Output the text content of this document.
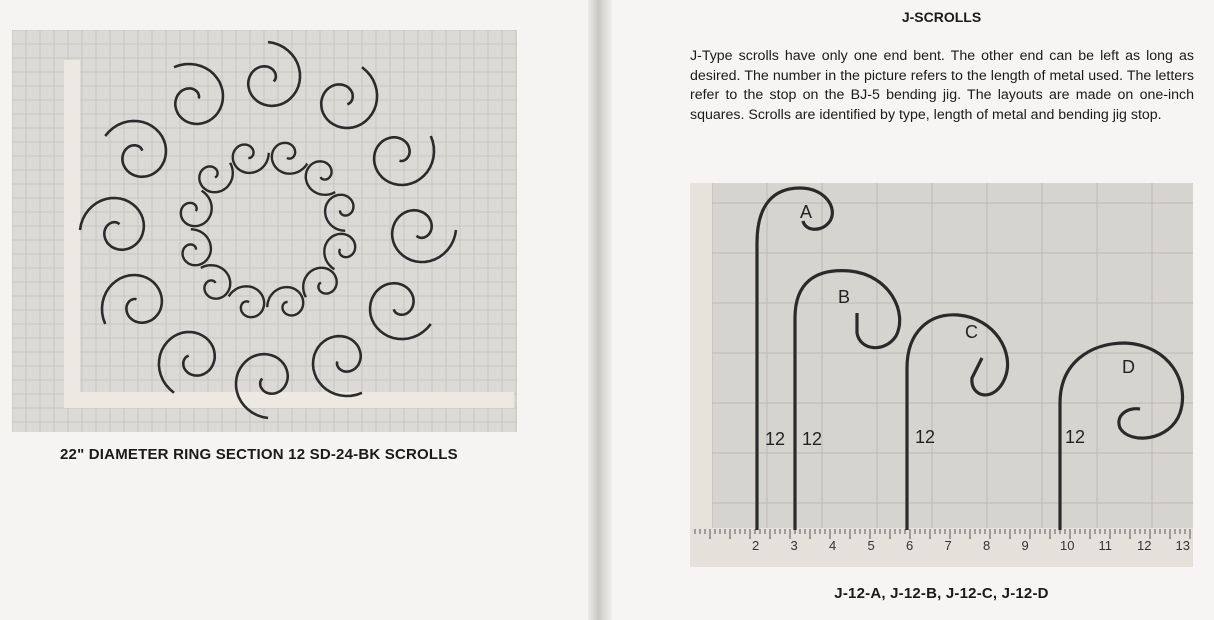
22" DIAMETER RING SECTION 12 SD-24-BK SCROLLS
J-SCROLLS
J-Type scrolls have only one end bent. The other end can be left as long as desired. The number in the picture refers to the length of metal used. The letters refer to the stop on the BJ-5 bending jig. The layouts are made on one-inch squares. Scrolls are identified by type, length of metal and bending jig stop.
2 3 4 5 6 7 8 9 10 11 12 13
A
B
C
D
12 12	12	12
J-12-A, J-12-B, J-12-C, J-12-D
